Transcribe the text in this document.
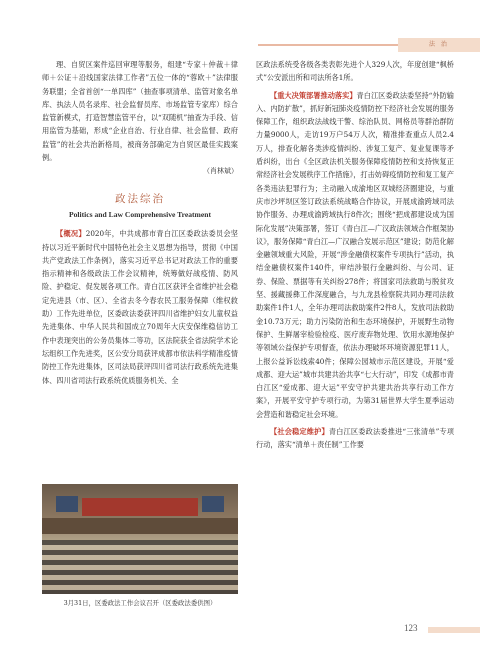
法 治

理、自贸区案件巡回审理等服务，组建“专家＋仲裁＋律师＋公证＋沿线国家法律工作者”五位一体的“蓉欧＋”法律服务联盟；全省首创“一单四库”（抽查事项清单、监管对象名单库、执法人员名录库、社会监督员库、市场监管专家库）综合监管新模式，打造智慧监管平台，以“双随机”抽查为手段、信用监管为基础，形成“企业自治、行业自律、社会监督、政府监管”的社会共治新格局，被商务部确定为自贸区最佳实践案例。

（肖林斌）
政法综治
Politics and Law Comprehensive Treatment

【概况】2020年，中共成都市青白江区委政法委员会坚持以习近平新时代中国特色社会主义思想为指导，贯彻《中国共产党政法工作条例》，落实习近平总书记对政法工作的重要指示精神和各级政法工作会议精神，统筹做好战疫情、防风险、护稳定、促发展各项工作。青白江区获评全省维护社会稳定先进县（市、区）、全省去冬今春农民工服务保障（维权救助）工作先进单位，区委政法委获评四川省维护妇女儿童权益先进集体、中华人民共和国成立70周年大庆安保维稳信访工作中表现突出的公务员集体二等功，区法院获全省法院学术论坛组织工作先进奖，区公安分局获评成都市依法科学精准疫情防控工作先进集体，区司法局获评四川省司法行政系统先进集体、四川省司法行政系统优质服务机关、全

3月31日，区委政法工作会议召开（区委政法委供图）

区政法系统受各级各类表彰先进个人329人次，年度创建“枫桥式”公安派出所和司法所各1所。

【重大决策部署推动落实】青白江区委政法委坚持“外防输入、内防扩散”，抓好新冠肺炎疫情防控下经济社会发展的服务保障工作，组织政法战线干警、综治队员、网格员等群治群防力量9000人，走访19万户54万人次，精准排查重点人员2.4万人，排查化解各类涉疫情纠纷、涉复工复产、复业复课等矛盾纠纷，出台《全区政法机关服务保障疫情防控和支持恢复正常经济社会发展秩序工作措施》，打击妨碍疫情防控和复工复产各类违法犯罪行为；主动融入成渝地区双城经济圈建设，与重庆市沙坪坝区签订政法系统战略合作协议，开展成渝跨域司法协作服务、办理成渝跨域执行8件次；围绕“把成都建设成为国际化发展”决策部署，签订《青白江—广汉政法领域合作框架协议》，服务保障“青白江—广汉融合发展示范区”建设；防范化解金融领域重大风险，开展“涉金融债权案件专项执行”活动，执结金融债权案件140件，审结涉银行金融纠纷、与公司、证券、保险、票据等有关纠纷278件；将国家司法救助与脱贫攻坚、援藏援彝工作深度融合，与九龙县检察院共同办理司法救助案件1件1人，全年办理司法救助案件2件8人，发放司法救助金10.73万元；助力污染防治和生态环境保护，开展野生动物保护、生鲜屠宰检验检疫、医疗废弃物处理、饮用水源地保护等领域公益保护专项督查，依法办理破坏环境资源犯罪11人，上报公益诉讼线索40件；保障公园城市示范区建设，开展“爱成都、迎大运”城市共建共治共享“七大行动”，印发《成都市青白江区“爱成都、迎大运”平安守护共建共治共享行动工作方案》，开展平安守护专项行动，为第31届世界大学生夏季运动会营造和谐稳定社会环境。

【社会稳定维护】青白江区委政法委推进“三张清单”专项行动，落实“清单＋责任制”工作要

123
